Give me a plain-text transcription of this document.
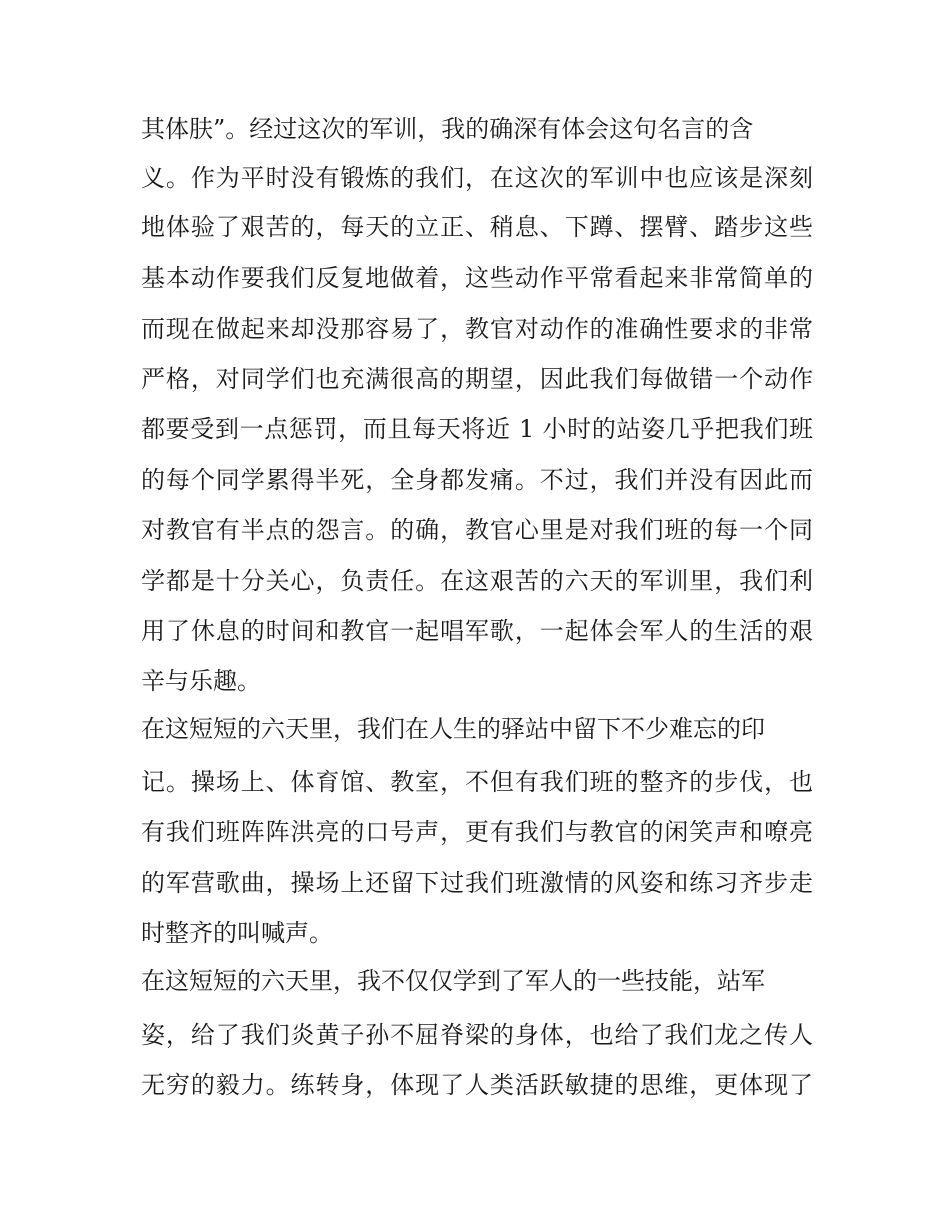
其体肤”。经过这次的军训，我的确深有体会这句名言的含
义。作为平时没有锻炼的我们，在这次的军训中也应该是深刻
地体验了艰苦的，每天的立正、稍息、下蹲、摆臂、踏步这些
基本动作要我们反复地做着，这些动作平常看起来非常简单的
而现在做起来却没那容易了，教官对动作的准确性要求的非常
严格，对同学们也充满很高的期望，因此我们每做错一个动作
都要受到一点惩罚，而且每天将近 1 小时的站姿几乎把我们班
的每个同学累得半死，全身都发痛。不过，我们并没有因此而
对教官有半点的怨言。的确，教官心里是对我们班的每一个同
学都是十分关心，负责任。在这艰苦的六天的军训里，我们利
用了休息的时间和教官一起唱军歌，一起体会军人的生活的艰
辛与乐趣。
在这短短的六天里，我们在人生的驿站中留下不少难忘的印
记。操场上、体育馆、教室，不但有我们班的整齐的步伐，也
有我们班阵阵洪亮的口号声，更有我们与教官的闲笑声和嘹亮
的军营歌曲，操场上还留下过我们班激情的风姿和练习齐步走
时整齐的叫喊声。
在这短短的六天里，我不仅仅学到了军人的一些技能，站军
姿，给了我们炎黄子孙不屈脊梁的身体，也给了我们龙之传人
无穷的毅力。练转身，体现了人类活跃敏捷的思维，更体现了
